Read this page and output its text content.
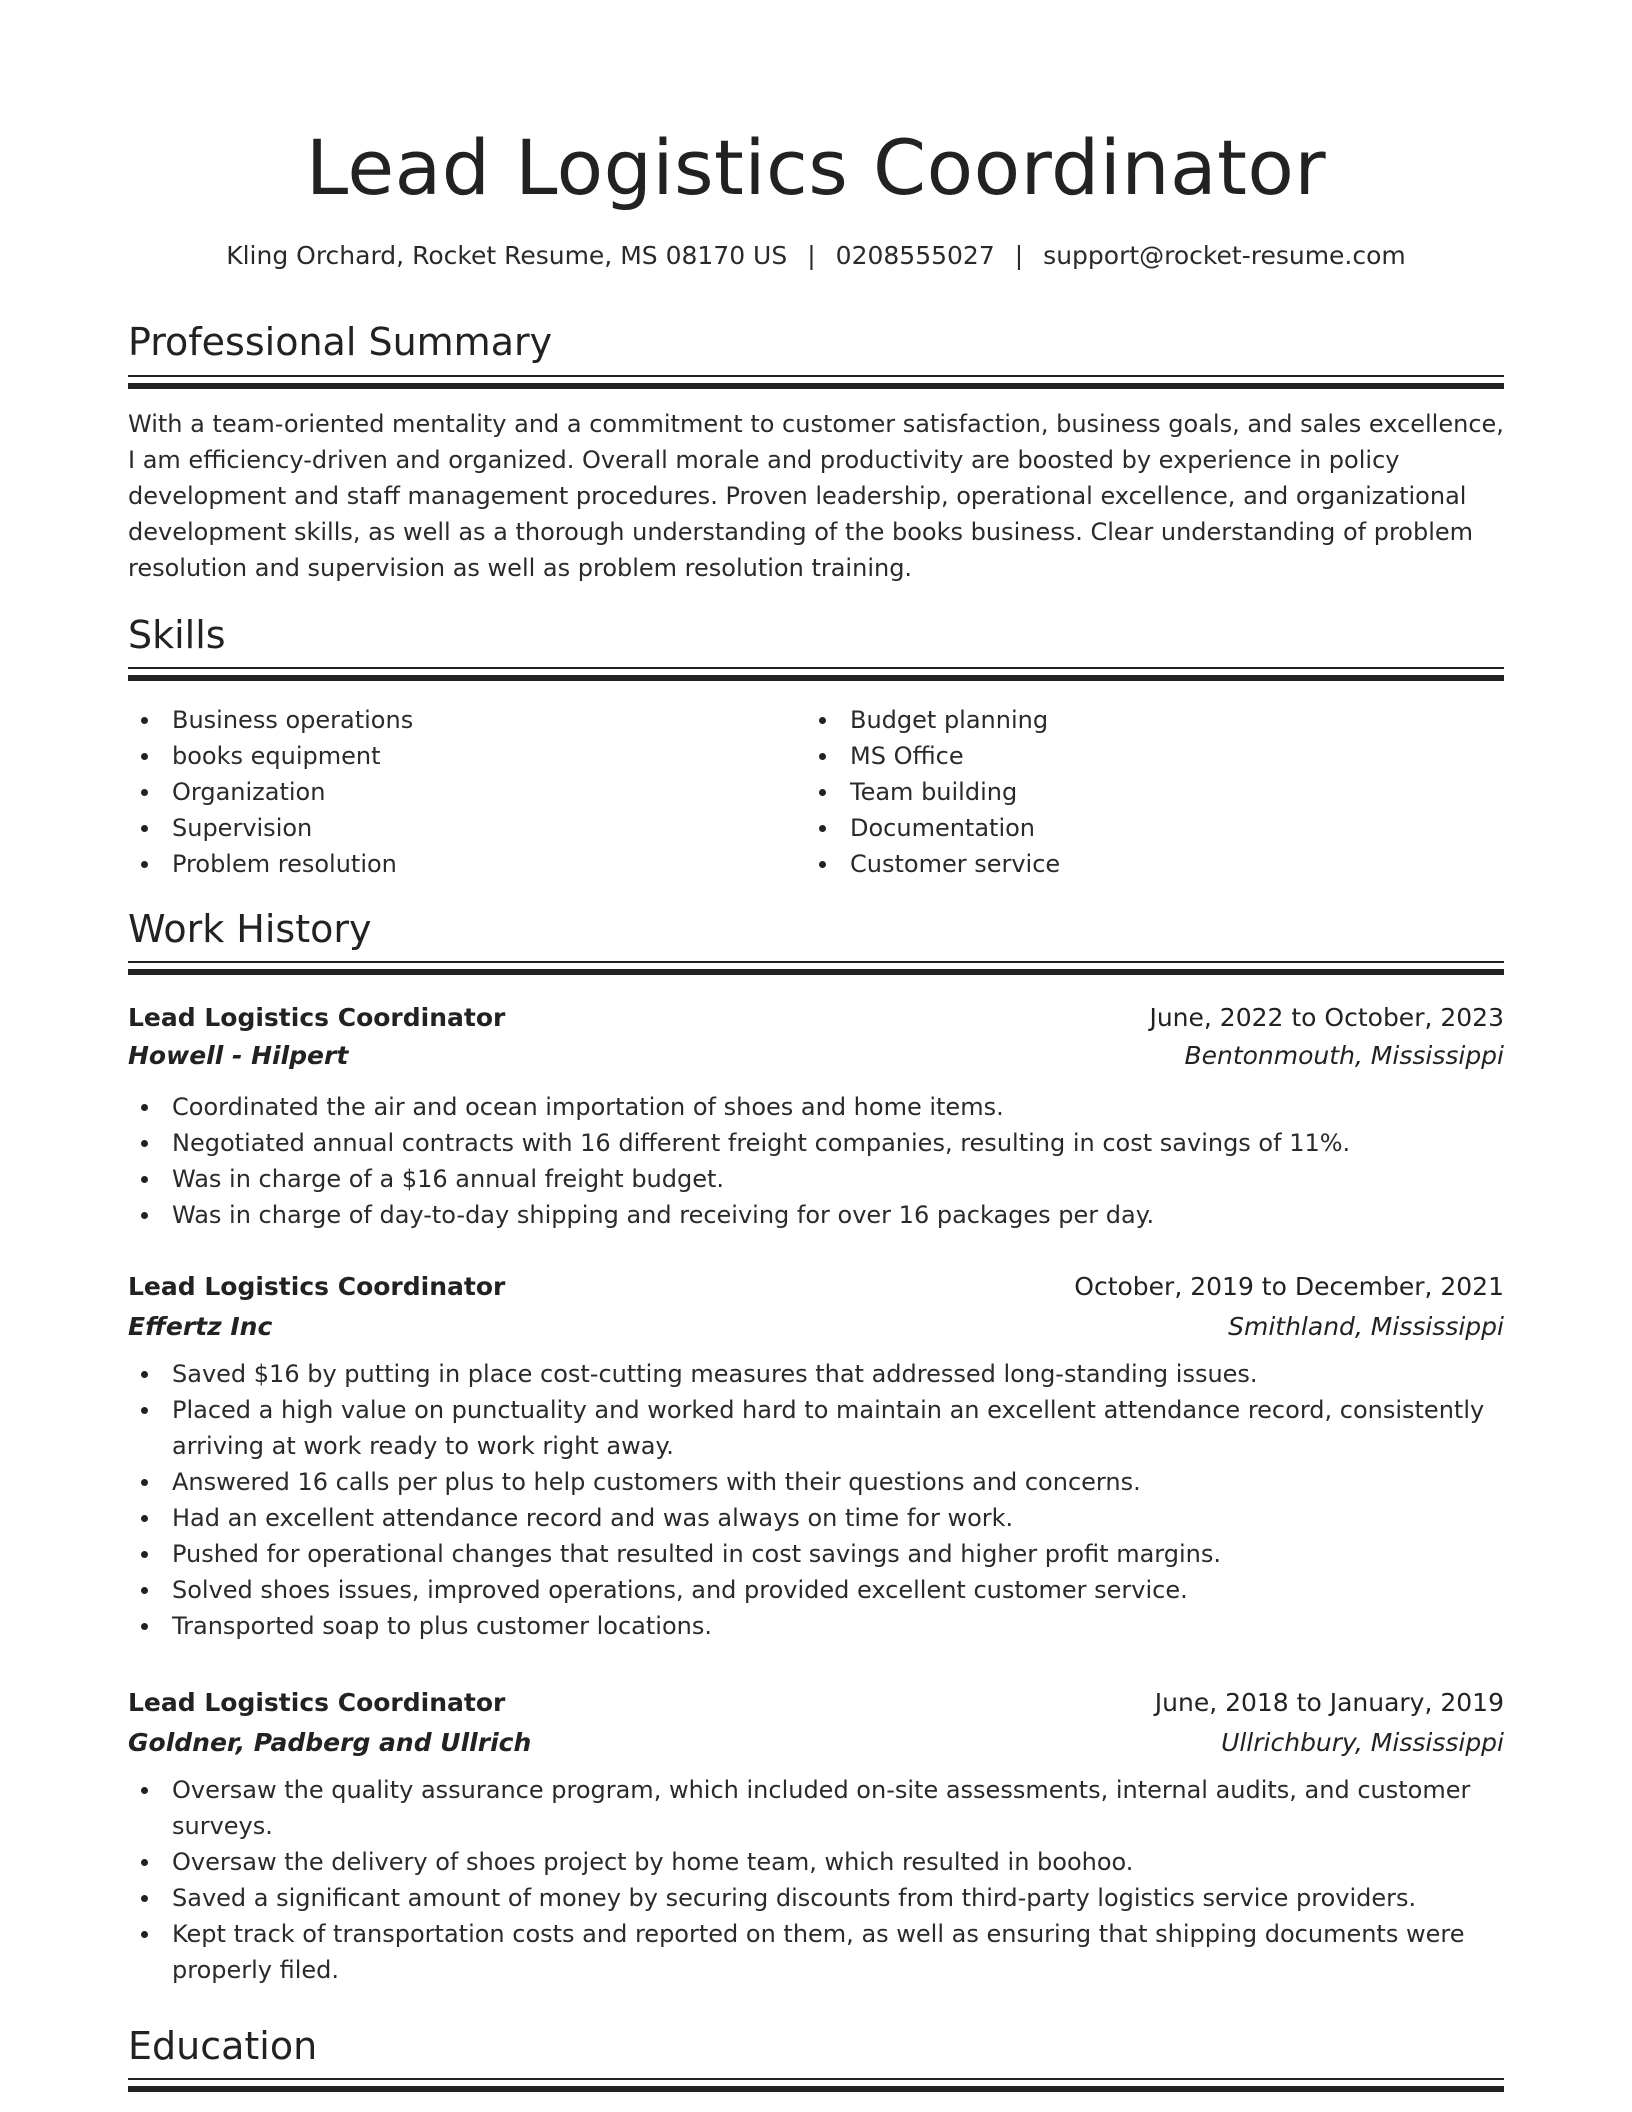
Lead Logistics Coordinator
Kling Orchard, Rocket Resume, MS 08170 US | 0208555027 | support@rocket-resume.com
Professional Summary

With a team-oriented mentality and a commitment to customer satisfaction, business goals, and sales excellence, I am efficiency-driven and organized. Overall morale and productivity are boosted by experience in policy development and staff management procedures. Proven leadership, operational excellence, and organizational development skills, as well as a thorough understanding of the books business. Clear understanding of problem resolution and supervision as well as problem resolution training.

Skills
Business operations
books equipment
Organization
Supervision
Problem resolution
Budget planning
MS Office
Team building
Documentation
Customer service
Work History
Lead Logistics Coordinator	June, 2022 to October, 2023
Howell - Hilpert	Bentonmouth, Mississippi
Coordinated the air and ocean importation of shoes and home items.
Negotiated annual contracts with 16 different freight companies, resulting in cost savings of 11%.
Was in charge of a $16 annual freight budget.
Was in charge of day-to-day shipping and receiving for over 16 packages per day.
Lead Logistics Coordinator	October, 2019 to December, 2021
Effertz Inc	Smithland, Mississippi
Saved $16 by putting in place cost-cutting measures that addressed long-standing issues.
Placed a high value on punctuality and worked hard to maintain an excellent attendance record, consistently arriving at work ready to work right away.
Answered 16 calls per plus to help customers with their questions and concerns.
Had an excellent attendance record and was always on time for work.
Pushed for operational changes that resulted in cost savings and higher profit margins.
Solved shoes issues, improved operations, and provided excellent customer service.
Transported soap to plus customer locations.
Lead Logistics Coordinator	June, 2018 to January, 2019
Goldner, Padberg and Ullrich	Ullrichbury, Mississippi
Oversaw the quality assurance program, which included on-site assessments, internal audits, and customer surveys.
Oversaw the delivery of shoes project by home team, which resulted in boohoo.
Saved a significant amount of money by securing discounts from third-party logistics service providers.
Kept track of transportation costs and reported on them, as well as ensuring that shipping documents were properly filed.
Education
